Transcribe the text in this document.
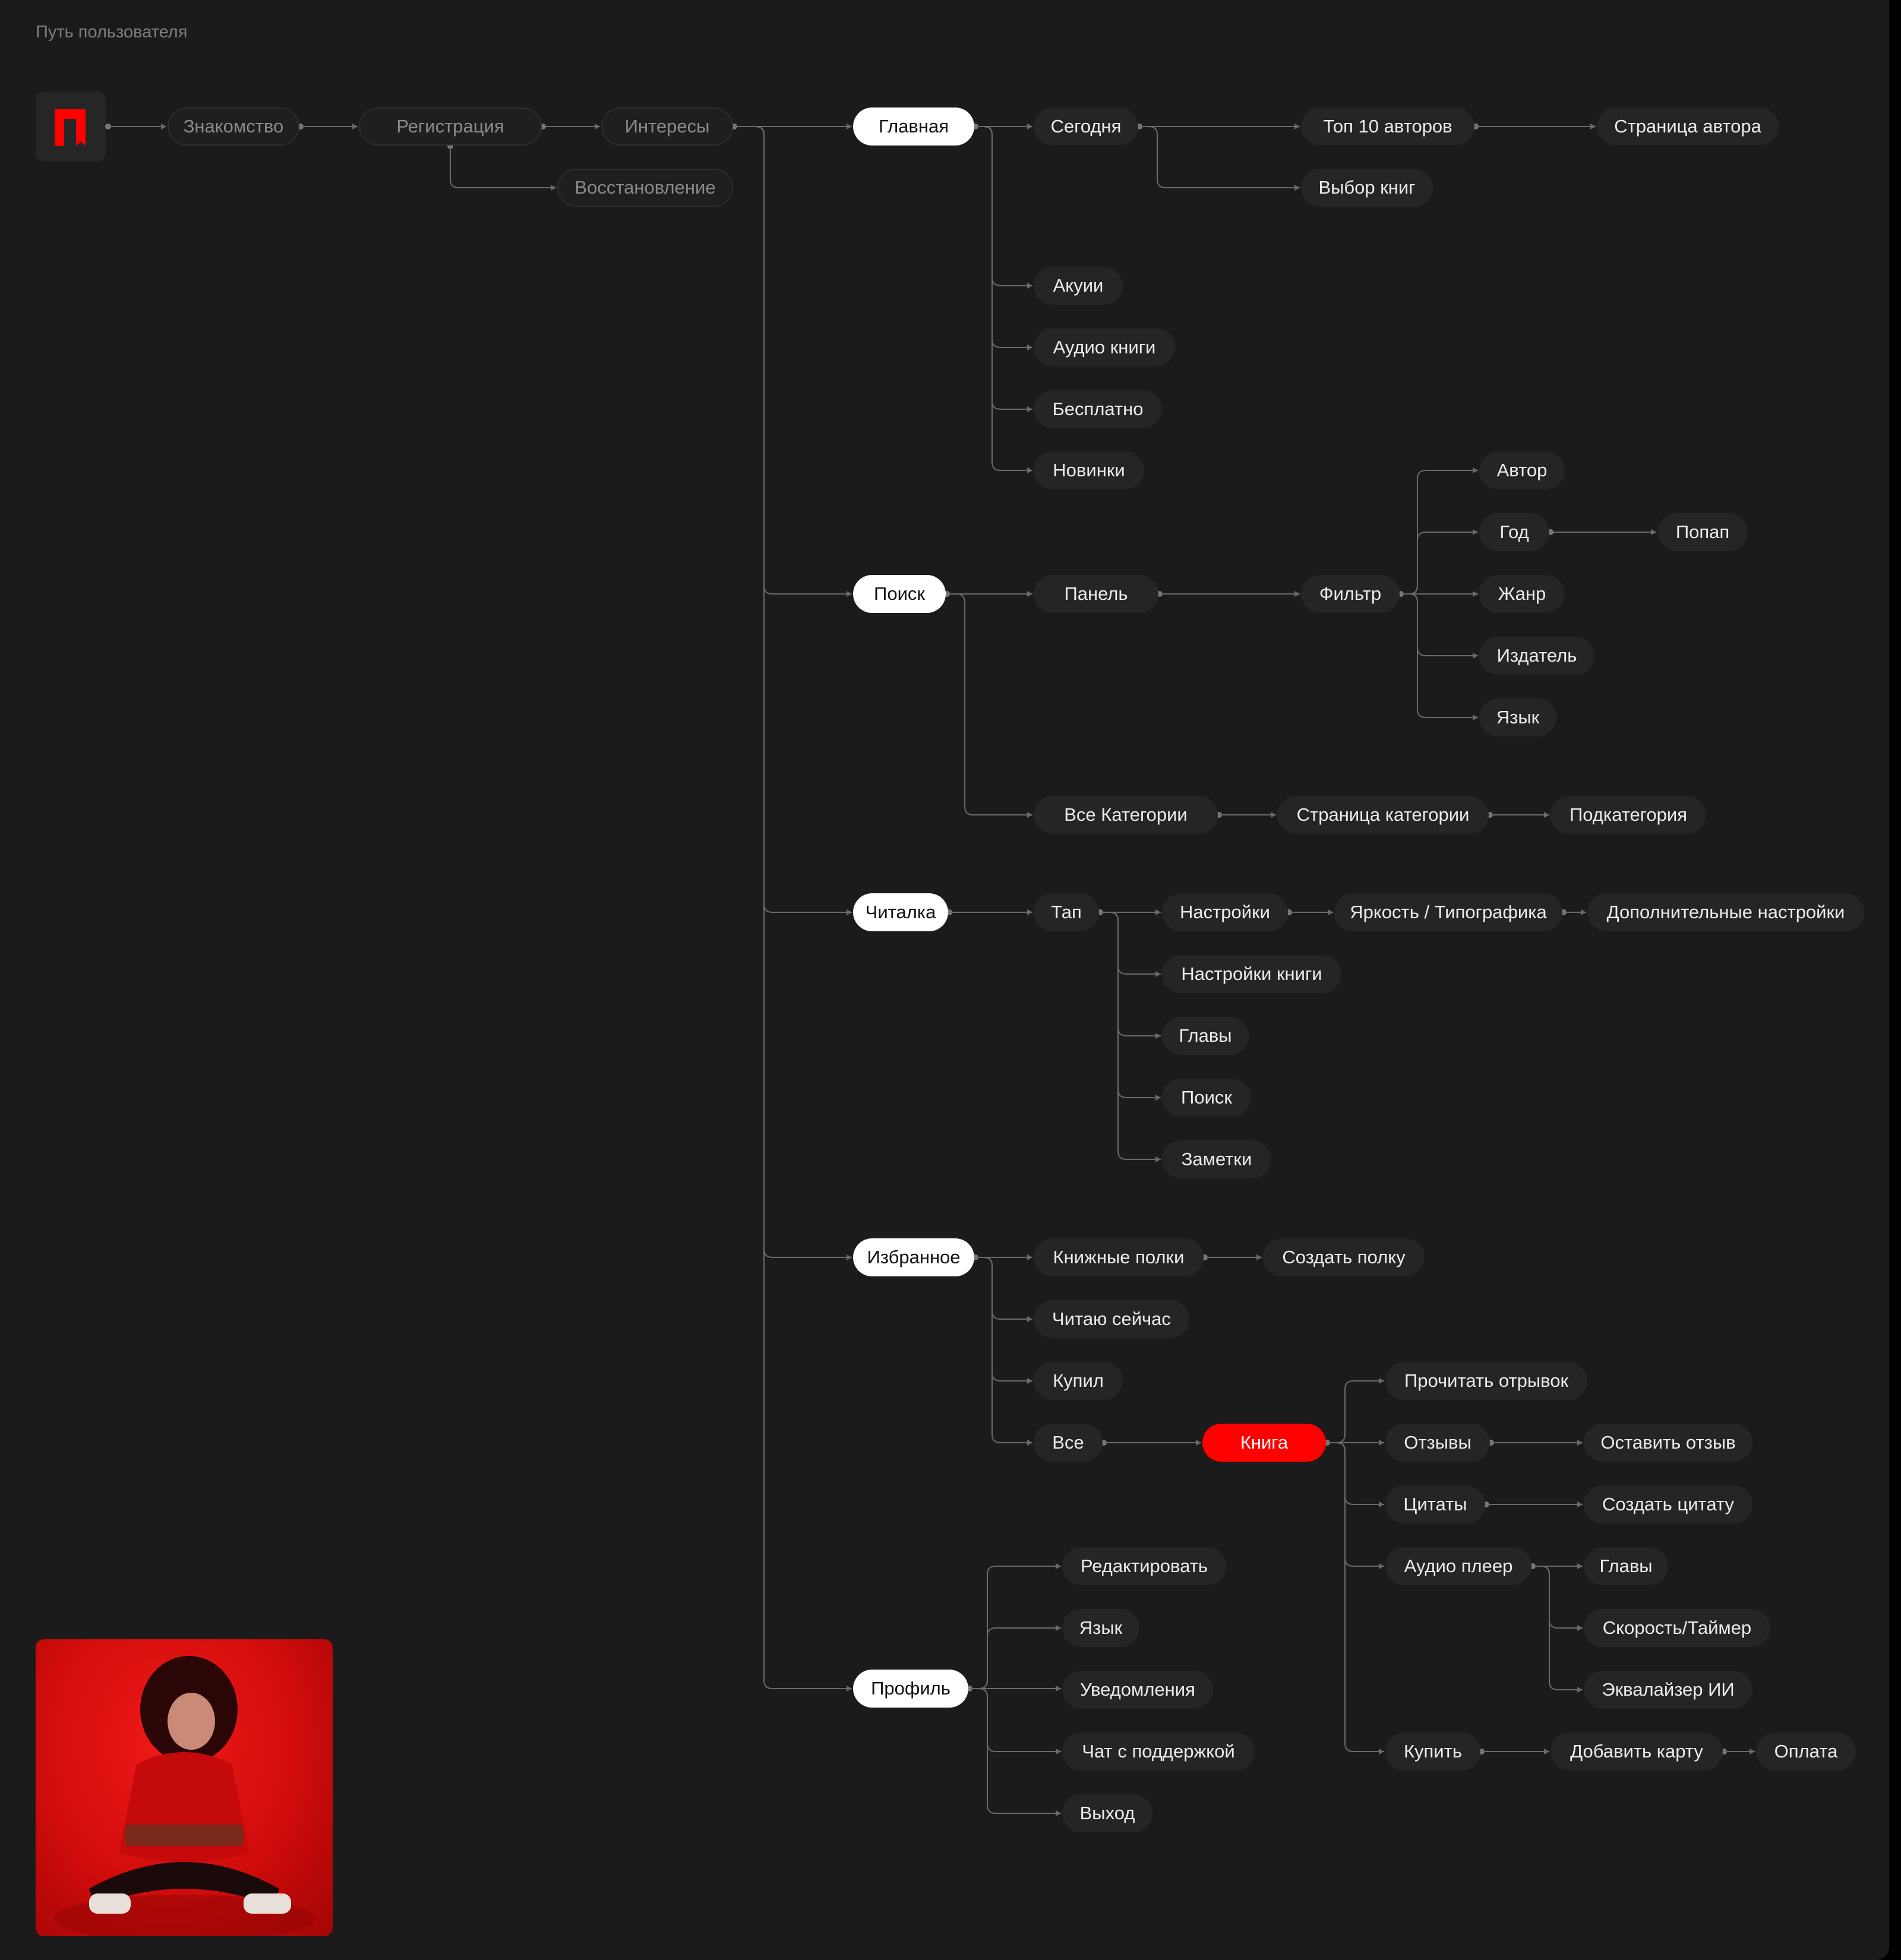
Путь пользователя
Знакомство	Регистрация	Интересы
Восстановление
Главная
Поиск
Читалка
Избранное
Профиль
Сегодня	Топ 10 авторов	Страница автора
Выбор книг
Акуии
Аудио книги
Бесплатно
Новинки
Панель	Фильтр
Автор
Год	Попап
Жанр
Издатель
Язык
Все Категории	Страница категории	Подкатегория
Тап	Настройки	Яркость / Типографика	Дополнительные настройки
Настройки книги
Главы
Поиск
Заметки
Книжные полки	Создать полку
Читаю сейчас
Купил
Все	Книга
Прочитать отрывок
Отзывы	Оставить отзыв
Цитаты	Создать цитату
Аудио плеер	Главы
Скорость/Таймер
Эквалайзер ИИ
Купить	Добавить карту	Оплата
Редактировать
Язык
Уведомления
Чат с поддержкой
Выход
